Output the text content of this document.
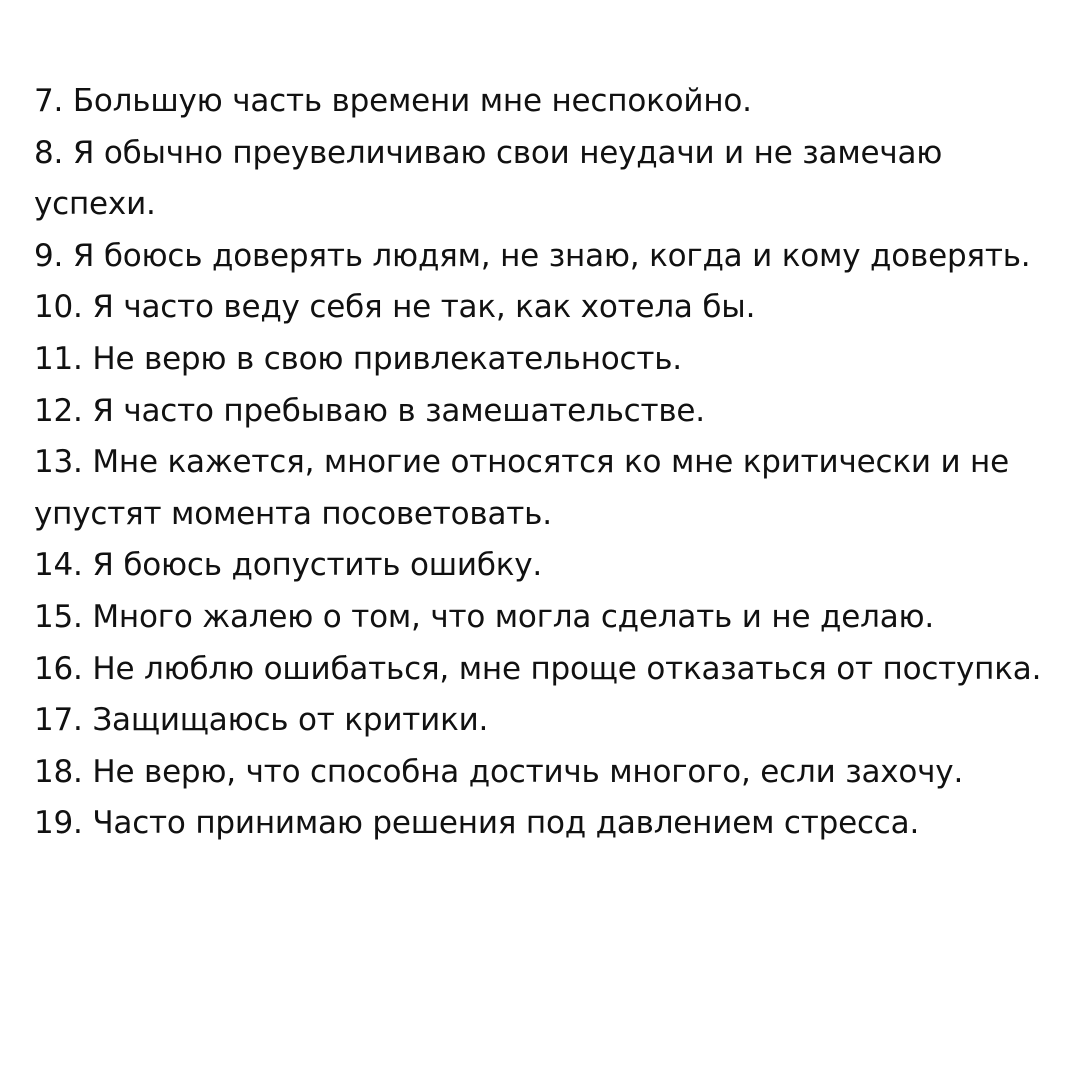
7. Большую часть времени мне неспокойно.
8. Я обычно преувеличиваю свои неудачи и не замечаю успехи.
9. Я боюсь доверять людям, не знаю, когда и кому доверять.
10. Я часто веду себя не так, как хотела бы.
11. Не верю в свою привлекательность.
12. Я часто пребываю в замешательстве.
13. Мне кажется, многие относятся ко мне критически и не упустят момента посоветовать.
14. Я боюсь допустить ошибку.
15. Много жалею о том, что могла сделать и не делаю.
16. Не люблю ошибаться, мне проще отказаться от поступка.
17. Защищаюсь от критики.
18. Не верю, что способна достичь многого, если захочу.
19. Часто принимаю решения под давлением стресса.
